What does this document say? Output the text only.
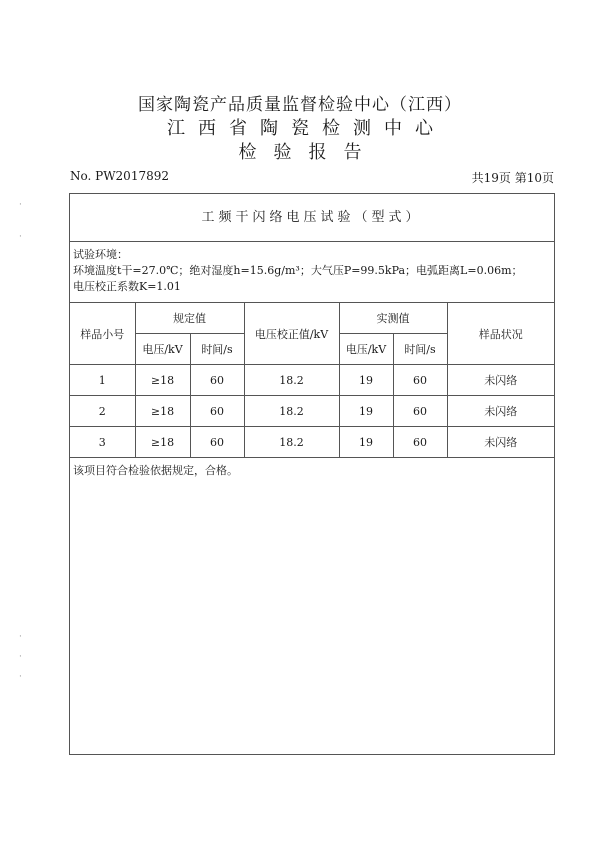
国家陶瓷产品质量监督检验中心（江西）
江西省陶瓷检测中心
检验报告
No. PW2017892	共19页 第10页
工频干闪络电压试验（型式）
试验环境：
环境温度t干=27.0℃；绝对湿度h=15.6g/m³；大气压P=99.5kPa；电弧距离L=0.06m；
电压校正系数K=1.01
样品小号	规定值		电压校正值/kV	实测值		样品状况
	电压/kV	时间/s		电压/kV	时间/s	
1	≥18	60	18.2	19	60	未闪络
2	≥18	60	18.2	19	60	未闪络
3	≥18	60	18.2	19	60	未闪络
该项目符合检验依据规定，合格。
·
·
·
·
·
